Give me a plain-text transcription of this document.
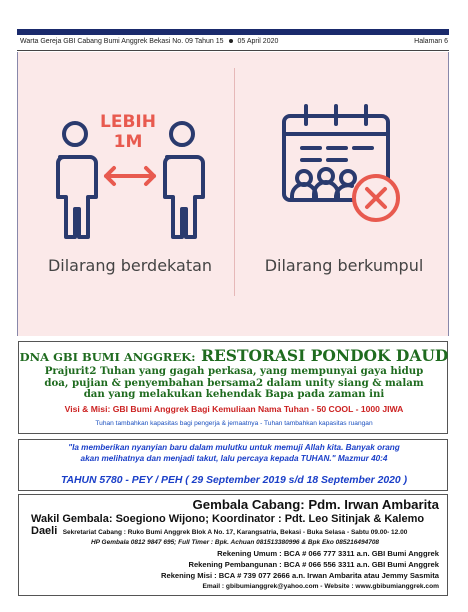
Warta Gereja GBI Cabang Bumi Anggrek Bekasi No. 09 Tahun 15 05 April 2020	Halaman 6
LEBIH
1M
Dilarang berdekatan	Dilarang berkumpul
DNA GBI BUMI ANGGREK: RESTORASI PONDOK DAUD
Prajurit2 Tuhan yang gagah perkasa, yang mempunyai gaya hidup
doa, pujian & penyembahan bersama2 dalam unity siang & malam
dan yang melakukan kehendak Bapa pada zaman ini
Visi & Misi: GBI Bumi Anggrek Bagi Kemuliaan Nama Tuhan - 50 COOL - 1000 JIWA
Tuhan tambahkan kapasitas bagi pengerja & jemaatnya - Tuhan tambahkan kapasitas ruangan
"Ia memberikan nyanyian baru dalam mulutku untuk memuji Allah kita. Banyak orang
akan melihatnya dan menjadi takut, lalu percaya kepada TUHAN." Mazmur 40:4
TAHUN 5780 - PEY / PEH ( 29 September 2019 s/d 18 September 2020 )
Gembala Cabang: Pdm. Irwan Ambarita
Wakil Gembala: Soegiono Wijono; Koordinator : Pdt. Leo Sitinjak & Kalemo Daeli Sekretariat Cabang : Ruko Bumi Anggrek Blok A No. 17, Karangsatria, Bekasi - Buka Selasa - Sabtu 09.00- 12.00
HP Gembala 0812 9847 695; Full Timer : Bpk. Achuan 081513380996 & Bpk Eko 085216494708
Rekening Umum : BCA # 066 777 3311 a.n. GBI Bumi Anggrek
Rekening Pembangunan : BCA # 066 556 3311 a.n. GBI Bumi Anggrek
Rekening Misi : BCA # 739 077 2666 a.n. Irwan Ambarita atau Jemmy Sasmita
Email : gbibumianggrek@yahoo.com - Website : www.gbibumianggrek.com
